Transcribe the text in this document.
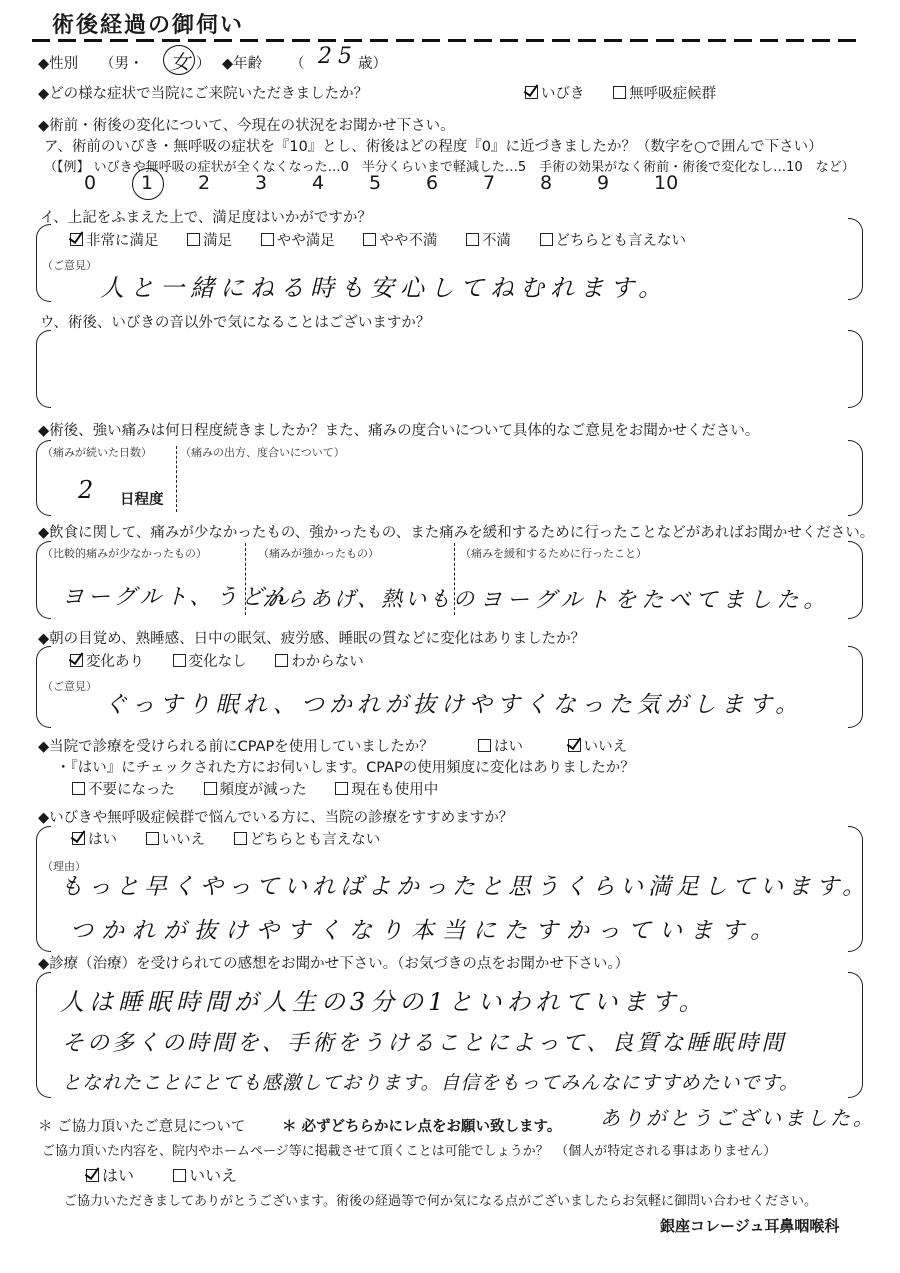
術後経過の御伺い
◆性別 （男・ 女 ） ◆年齢 （ 25 歳）
◆どの様な症状で当院にご来院いただきましたか？	いびき	無呼吸症候群
◆術前・術後の変化について、今現在の状況をお聞かせ下さい。
ア、術前のいびき・無呼吸の症状を『10』とし、術後はどの程度『0』に近づきましたか？（数字を○で囲んで下さい）
（【例】 いびきや無呼吸の症状が全くなくなった…0　半分くらいまで軽減した…5　手術の効果がなく術前・術後で変化なし…10　など）
0 1 2 3 4 5 6 7 8 9 10
イ、上記をふまえた上で、満足度はいかがですか？
非常に満足	満足	やや満足	やや不満	不満	どちらとも言えない
（ご意見）
人と一緒にねる時も安心してねむれます。
ウ、術後、いびきの音以外で気になることはございますか？
◆術後、強い痛みは何日程度続きましたか？また、痛みの度合いについて具体的なご意見をお聞かせください。
（痛みが続いた日数）
2 日程度
（痛みの出方、度合いについて）
◆飲食に関して、痛みが少なかったもの、強かったもの、また痛みを緩和するために行ったことなどがあればお聞かせください。
（比較的痛みが少なかったもの）
ヨーグルト、うどん
（痛みが強かったもの）
からあげ、熱いもの
（痛みを緩和するために行ったこと）
ヨーグルトをたべてました。
◆朝の目覚め、熟睡感、日中の眠気、疲労感、睡眠の質などに変化はありましたか？
変化あり	変化なし	わからない
（ご意見）
ぐっすり眠れ、つかれが抜けやすくなった気がします。
◆当院で診療を受けられる前にCPAPを使用していましたか？	はい	いいえ
・『はい』にチェックされた方にお伺いします。CPAPの使用頻度に変化はありましたか？
不要になった	頻度が減った	現在も使用中
◆いびきや無呼吸症候群で悩んでいる方に、当院の診療をすすめますか？
はい	いいえ	どちらとも言えない
（理由）
もっと早くやっていればよかったと思うくらい満足しています。
つかれが抜けやすくなり本当にたすかっています。
◆診療（治療）を受けられての感想をお聞かせ下さい。（お気づきの点をお聞かせ下さい。）
人は睡眠時間が人生の3分の1といわれています。
その多くの時間を、手術をうけることによって、良質な睡眠時間
となれたことにとても感激しております。自信をもってみんなにすすめたいです。
ありがとうございました。
＊ ご協力頂いたご意見について	＊ 必ずどちらかにレ点をお願い致します。
ご協力頂いた内容を、院内やホームページ等に掲載させて頂くことは可能でしょうか？　（個人が特定される事はありません）
はい	いいえ
ご協力いただきましてありがとうございます。術後の経過等で何か気になる点がございましたらお気軽に御問い合わせください。
銀座コレージュ耳鼻咽喉科
